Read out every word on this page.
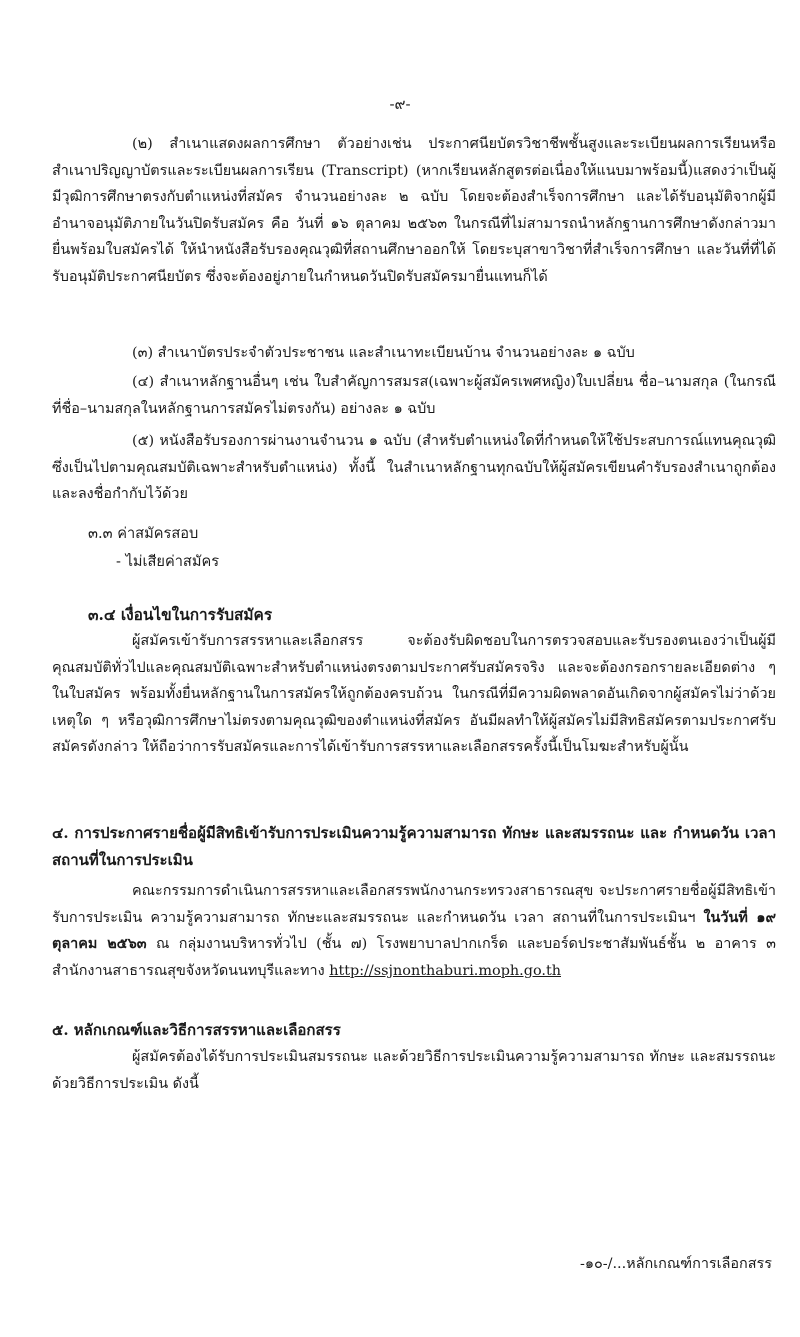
-๙-

(๒) สำเนาแสดงผลการศึกษา ตัวอย่างเช่น ประกาศนียบัตรวิชาชีพชั้นสูงและระเบียนผลการเรียนหรือสำเนาปริญญาบัตรและระเบียนผลการเรียน (Transcript) (หากเรียนหลักสูตรต่อเนื่องให้แนบมาพร้อมนี้)แสดงว่าเป็นผู้มีวุฒิการศึกษาตรงกับตำแหน่งที่สมัคร จำนวนอย่างละ ๒ ฉบับ โดยจะต้องสำเร็จการศึกษา และได้รับอนุมัติจากผู้มีอำนาจอนุมัติภายในวันปิดรับสมัคร คือ วันที่ ๑๖ ตุลาคม ๒๕๖๓ ในกรณีที่ไม่สามารถนำหลักฐานการศึกษาดังกล่าวมายื่นพร้อมใบสมัครได้ ให้นำหนังสือรับรองคุณวุฒิที่สถานศึกษาออกให้ โดยระบุสาขาวิชาที่สำเร็จการศึกษา และวันที่ที่ได้รับอนุมัติประกาศนียบัตร ซึ่งจะต้องอยู่ภายในกำหนดวันปิดรับสมัครมายื่นแทนก็ได้

(๓) สำเนาบัตรประจำตัวประชาชน และสำเนาทะเบียนบ้าน จำนวนอย่างละ ๑ ฉบับ

(๔) สำเนาหลักฐานอื่นๆ เช่น ใบสำคัญการสมรส(เฉพาะผู้สมัครเพศหญิง)ใบเปลี่ยน ชื่อ–นามสกุล (ในกรณีที่ชื่อ–นามสกุลในหลักฐานการสมัครไม่ตรงกัน) อย่างละ ๑ ฉบับ

(๕) หนังสือรับรองการผ่านงานจำนวน ๑ ฉบับ (สำหรับตำแหน่งใดที่กำหนดให้ใช้ประสบการณ์แทนคุณวุฒิ ซึ่งเป็นไปตามคุณสมบัติเฉพาะสำหรับตำแหน่ง) ทั้งนี้ ในสำเนาหลักฐานทุกฉบับให้ผู้สมัครเขียนคำรับรองสำเนาถูกต้องและลงชื่อกำกับไว้ด้วย

๓.๓ ค่าสมัครสอบ

- ไม่เสียค่าสมัคร

๓.๔ เงื่อนไขในการรับสมัคร

ผู้สมัครเข้ารับการสรรหาและเลือกสรร จะต้องรับผิดชอบในการตรวจสอบและรับรองตนเองว่าเป็นผู้มีคุณสมบัติทั่วไปและคุณสมบัติเฉพาะสำหรับตำแหน่งตรงตามประกาศรับสมัครจริง และจะต้องกรอกรายละเอียดต่าง ๆ ในใบสมัคร พร้อมทั้งยื่นหลักฐานในการสมัครให้ถูกต้องครบถ้วน ในกรณีที่มีความผิดพลาดอันเกิดจากผู้สมัครไม่ว่าด้วยเหตุใด ๆ หรือวุฒิการศึกษาไม่ตรงตามคุณวุฒิของตำแหน่งที่สมัคร อันมีผลทำให้ผู้สมัครไม่มีสิทธิสมัครตามประกาศรับสมัครดังกล่าว ให้ถือว่าการรับสมัครและการได้เข้ารับการสรรหาและเลือกสรรครั้งนี้เป็นโมฆะสำหรับผู้นั้น

๔. การประกาศรายชื่อผู้มีสิทธิเข้ารับการประเมินความรู้ความสามารถ ทักษะ และสมรรถนะ และ กำหนดวัน เวลา สถานที่ในการประเมิน

คณะกรรมการดำเนินการสรรหาและเลือกสรรพนักงานกระทรวงสาธารณสุข จะประกาศรายชื่อผู้มีสิทธิเข้ารับการประเมิน ความรู้ความสามารถ ทักษะและสมรรถนะ และกำหนดวัน เวลา สถานที่ในการประเมินฯ ในวันที่ ๑๙ ตุลาคม ๒๕๖๓ ณ กลุ่มงานบริหารทั่วไป (ชั้น ๗) โรงพยาบาลปากเกร็ด และบอร์ดประชาสัมพันธ์ชั้น ๒ อาคาร ๓ สำนักงานสาธารณสุขจังหวัดนนทบุรีและทาง http://ssjnonthaburi.moph.go.th

๕. หลักเกณฑ์และวิธีการสรรหาและเลือกสรร

ผู้สมัครต้องได้รับการประเมินสมรรถนะ และด้วยวิธีการประเมินความรู้ความสามารถ ทักษะ และสมรรถนะ ด้วยวิธีการประเมิน ดังนี้

-๑๐-/...หลักเกณฑ์การเลือกสรร
